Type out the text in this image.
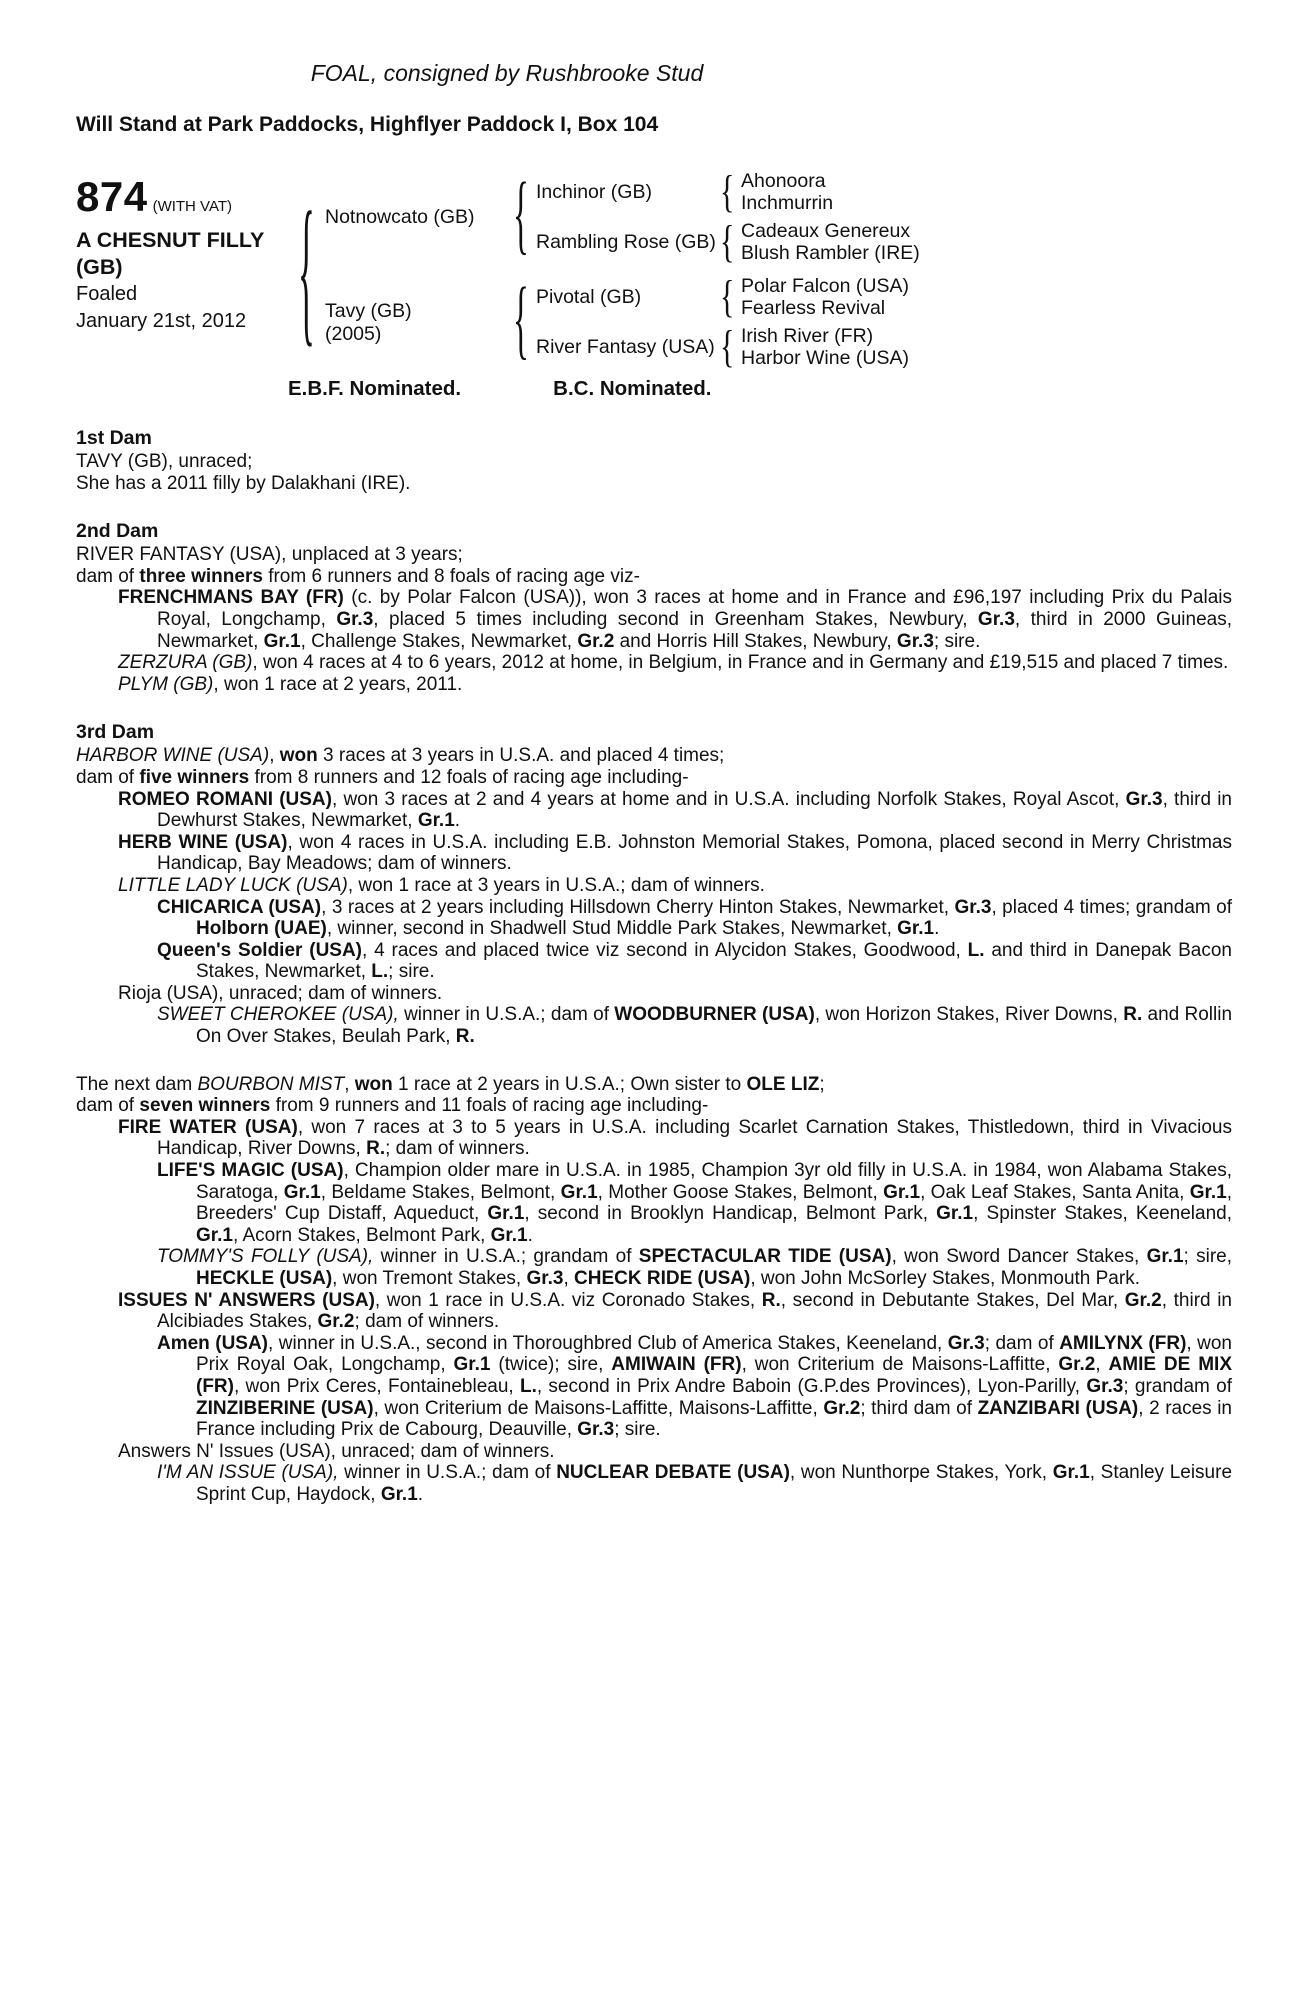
FOAL, consigned by Rushbrooke Stud
Will Stand at Park Paddocks, Highflyer Paddock I, Box 104
874 (WITH VAT)
A CHESNUT FILLY
(GB)
Foaled
January 21st, 2012	{ Notnowcato (GB)	{ Inchinor (GB)	{ Ahonoora
Inchmurrin
Rambling Rose (GB) { Cadeaux Genereux
Blush Rambler (IRE)
Tavy (GB)
(2005)	{ Pivotal (GB)	{ Polar Falcon (USA)
Fearless Revival
River Fantasy (USA) { Irish River (FR)
Harbor Wine (USA)
E.B.F. Nominated.	B.C. Nominated.
1st Dam

TAVY (GB), unraced;

She has a 2011 filly by Dalakhani (IRE).

2nd Dam

RIVER FANTASY (USA), unplaced at 3 years;

dam of three winners from 6 runners and 8 foals of racing age viz-

FRENCHMANS BAY (FR) (c. by Polar Falcon (USA)), won 3 races at home and in France and £96,197 including Prix du Palais Royal, Longchamp, Gr.3, placed 5 times including second in Greenham Stakes, Newbury, Gr.3, third in 2000 Guineas, Newmarket, Gr.1, Challenge Stakes, Newmarket, Gr.2 and Horris Hill Stakes, Newbury, Gr.3; sire.

ZERZURA (GB), won 4 races at 4 to 6 years, 2012 at home, in Belgium, in France and in Germany and £19,515 and placed 7 times.

PLYM (GB), won 1 race at 2 years, 2011.

3rd Dam

HARBOR WINE (USA), won 3 races at 3 years in U.S.A. and placed 4 times;

dam of five winners from 8 runners and 12 foals of racing age including-

ROMEO ROMANI (USA), won 3 races at 2 and 4 years at home and in U.S.A. including Norfolk Stakes, Royal Ascot, Gr.3, third in Dewhurst Stakes, Newmarket, Gr.1.

HERB WINE (USA), won 4 races in U.S.A. including E.B. Johnston Memorial Stakes, Pomona, placed second in Merry Christmas Handicap, Bay Meadows; dam of winners.

LITTLE LADY LUCK (USA), won 1 race at 3 years in U.S.A.; dam of winners.

CHICARICA (USA), 3 races at 2 years including Hillsdown Cherry Hinton Stakes, Newmarket, Gr.3, placed 4 times; grandam of Holborn (UAE), winner, second in Shadwell Stud Middle Park Stakes, Newmarket, Gr.1.

Queen's Soldier (USA), 4 races and placed twice viz second in Alycidon Stakes, Goodwood, L. and third in Danepak Bacon Stakes, Newmarket, L.; sire.

Rioja (USA), unraced; dam of winners.

SWEET CHEROKEE (USA), winner in U.S.A.; dam of WOODBURNER (USA), won Horizon Stakes, River Downs, R. and Rollin On Over Stakes, Beulah Park, R.

The next dam BOURBON MIST, won 1 race at 2 years in U.S.A.; Own sister to OLE LIZ;

dam of seven winners from 9 runners and 11 foals of racing age including-

FIRE WATER (USA), won 7 races at 3 to 5 years in U.S.A. including Scarlet Carnation Stakes, Thistledown, third in Vivacious Handicap, River Downs, R.; dam of winners.

LIFE'S MAGIC (USA), Champion older mare in U.S.A. in 1985, Champion 3yr old filly in U.S.A. in 1984, won Alabama Stakes, Saratoga, Gr.1, Beldame Stakes, Belmont, Gr.1, Mother Goose Stakes, Belmont, Gr.1, Oak Leaf Stakes, Santa Anita, Gr.1, Breeders' Cup Distaff, Aqueduct, Gr.1, second in Brooklyn Handicap, Belmont Park, Gr.1, Spinster Stakes, Keeneland, Gr.1, Acorn Stakes, Belmont Park, Gr.1.

TOMMY'S FOLLY (USA), winner in U.S.A.; grandam of SPECTACULAR TIDE (USA), won Sword Dancer Stakes, Gr.1; sire, HECKLE (USA), won Tremont Stakes, Gr.3, CHECK RIDE (USA), won John McSorley Stakes, Monmouth Park.

ISSUES N' ANSWERS (USA), won 1 race in U.S.A. viz Coronado Stakes, R., second in Debutante Stakes, Del Mar, Gr.2, third in Alcibiades Stakes, Gr.2; dam of winners.

Amen (USA), winner in U.S.A., second in Thoroughbred Club of America Stakes, Keeneland, Gr.3; dam of AMILYNX (FR), won Prix Royal Oak, Longchamp, Gr.1 (twice); sire, AMIWAIN (FR), won Criterium de Maisons-Laffitte, Gr.2, AMIE DE MIX (FR), won Prix Ceres, Fontainebleau, L., second in Prix Andre Baboin (G.P.des Provinces), Lyon-Parilly, Gr.3; grandam of ZINZIBERINE (USA), won Criterium de Maisons-Laffitte, Maisons-Laffitte, Gr.2; third dam of ZANZIBARI (USA), 2 races in France including Prix de Cabourg, Deauville, Gr.3; sire.

Answers N' Issues (USA), unraced; dam of winners.

I'M AN ISSUE (USA), winner in U.S.A.; dam of NUCLEAR DEBATE (USA), won Nunthorpe Stakes, York, Gr.1, Stanley Leisure Sprint Cup, Haydock, Gr.1.
